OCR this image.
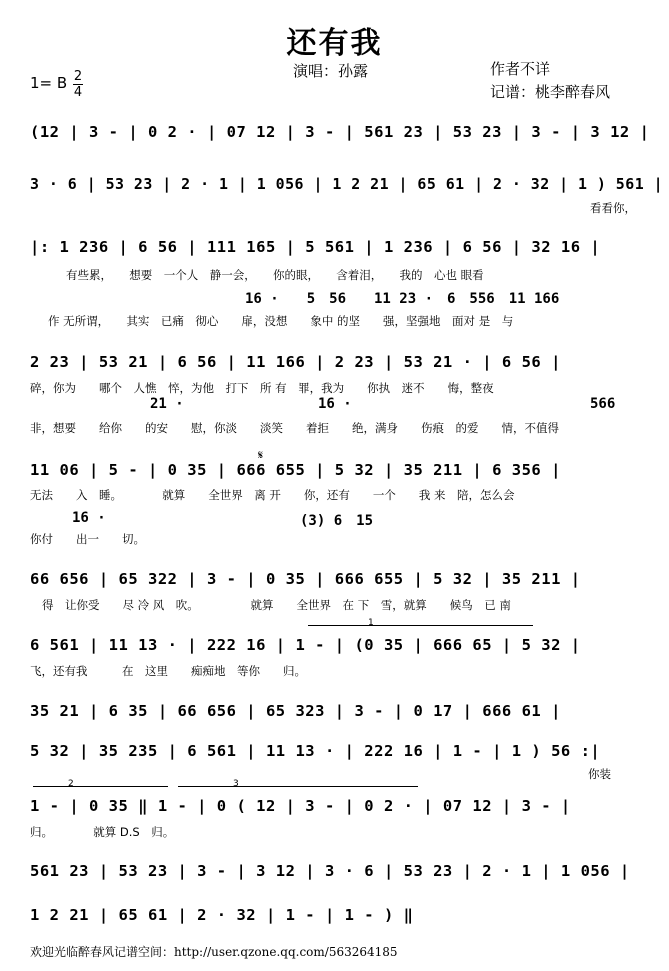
还有我
演唱：孙露	作者不详
记谱：桃李醉春风
1= B 2
4
(12 | 3 - | 0 2 · | 07 12 | 3 - | 561 23 | 53 23 | 3 - | 3 12 |
3 · 6 | 53 23 | 2 · 1 | 1 056 | 1 2 21 | 65 61 | 2 · 32 | 1 ) 561 |
看看你，
|: 1 236 | 6 56 | 111 165 | 5 561 | 1 236 | 6 56 | 32 16 |
有些累，　　想要　一个人　静一会，　　你的眼，　　含着泪，　　我的　心也 眼看
16 ·　　5　56　　11 23 ·　6　556　11 166
作 无所谓，　　其实　已痛　彻心　　扉，没想　　象中 的坚　　强，坚强地　面对 是　与
2 23 | 53 21 | 6 56 | 11 166 | 2 23 | 53 21 · | 6 56 |
碎，你为　　哪个　人憔　悴，为他　打下　所 有　罪，我为　　你执　迷不　　悔，整夜
21 ·	16 ·	566
非，想要　　给你　　的安　　慰，你淡　　淡笑　　着拒　　绝，满身　　伤痕　的爱　　情，不值得
𝄋
11 06 | 5 - | 0 35 | 666 655 | 5 32 | 35 211 | 6 356 |
无法　　入　睡。　　　　就算　　全世界　离 开　　你，还有　　一个　　我 来　陪，怎么会
16 ·	(3) 6　15
你付　　出一　　切。
66 656 | 65 322 | 3 - | 0 35 | 666 655 | 5 32 | 35 211 |
得　让你受　　尽 冷 风　吹。　　　　　就算　　全世界　在 下　雪，就算　　候鸟　已 南
1
6 561 | 11 13 · | 222 16 | 1 - | (0 35 | 666 65 | 5 32 |
飞，还有我　　　在　这里　　痴痴地　等你　　归。
35 21 | 6 35 | 66 656 | 65 323 | 3 - | 0 17 | 666 61 |
5 32 | 35 235 | 6 561 | 11 13 · | 222 16 | 1 - | 1 ) 56 :|
你装
2	3
1 - | 0 35 ‖ 1 - | 0 ( 12 | 3 - | 0 2 · | 07 12 | 3 - |
归。　　　　就算 D.S　归。
561 23 | 53 23 | 3 - | 3 12 | 3 · 6 | 53 23 | 2 · 1 | 1 056 |
1 2 21 | 65 61 | 2 · 32 | 1 - | 1 - ) ‖
欢迎光临醉春风记谱空间：http://user.qzone.qq.com/563264185
